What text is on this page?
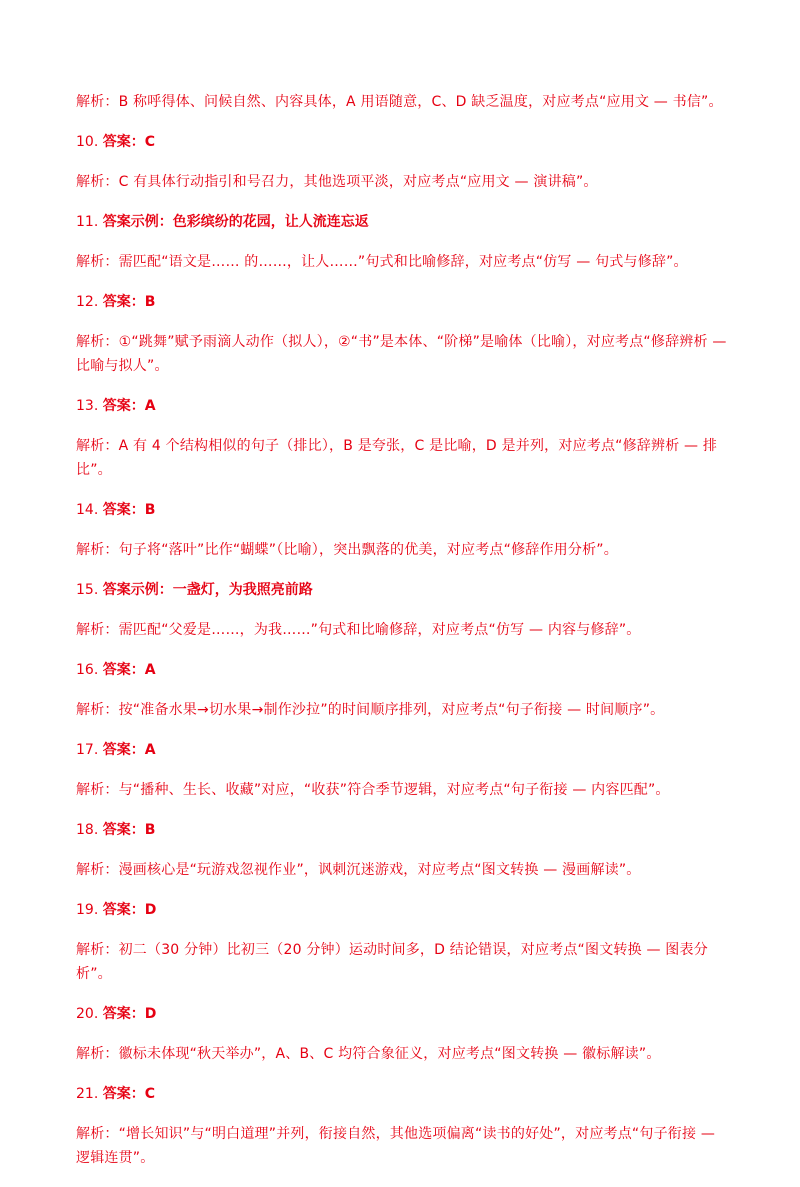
解析：B 称呼得体、问候自然、内容具体，A 用语随意，C、D 缺乏温度，对应考点“应用文 — 书信”。

10. 答案：C

解析：C 有具体行动指引和号召力，其他选项平淡，对应考点“应用文 — 演讲稿”。

11. 答案示例：色彩缤纷的花园，让人流连忘返

解析：需匹配“语文是…… 的……，让人……”句式和比喻修辞，对应考点“仿写 — 句式与修辞”。

12. 答案：B

解析：①“跳舞”赋予雨滴人动作（拟人），②“书”是本体、“阶梯”是喻体（比喻），对应考点“修辞辨析 — 比喻与拟人”。

13. 答案：A

解析：A 有 4 个结构相似的句子（排比），B 是夸张，C 是比喻，D 是并列，对应考点“修辞辨析 — 排比”。

14. 答案：B

解析：句子将“落叶”比作“蝴蝶”（比喻），突出飘落的优美，对应考点“修辞作用分析”。

15. 答案示例：一盏灯，为我照亮前路

解析：需匹配“父爱是……，为我……”句式和比喻修辞，对应考点“仿写 — 内容与修辞”。

16. 答案：A

解析：按“准备水果→切水果→制作沙拉”的时间顺序排列，对应考点“句子衔接 — 时间顺序”。

17. 答案：A

解析：与“播种、生长、收藏”对应，“收获”符合季节逻辑，对应考点“句子衔接 — 内容匹配”。

18. 答案：B

解析：漫画核心是“玩游戏忽视作业”，讽刺沉迷游戏，对应考点“图文转换 — 漫画解读”。

19. 答案：D

解析：初二（30 分钟）比初三（20 分钟）运动时间多，D 结论错误，对应考点“图文转换 — 图表分析”。

20. 答案：D

解析：徽标未体现“秋天举办”，A、B、C 均符合象征义，对应考点“图文转换 — 徽标解读”。

21. 答案：C

解析：“增长知识”与“明白道理”并列，衔接自然，其他选项偏离“读书的好处”，对应考点“句子衔接 — 逻辑连贯”。
